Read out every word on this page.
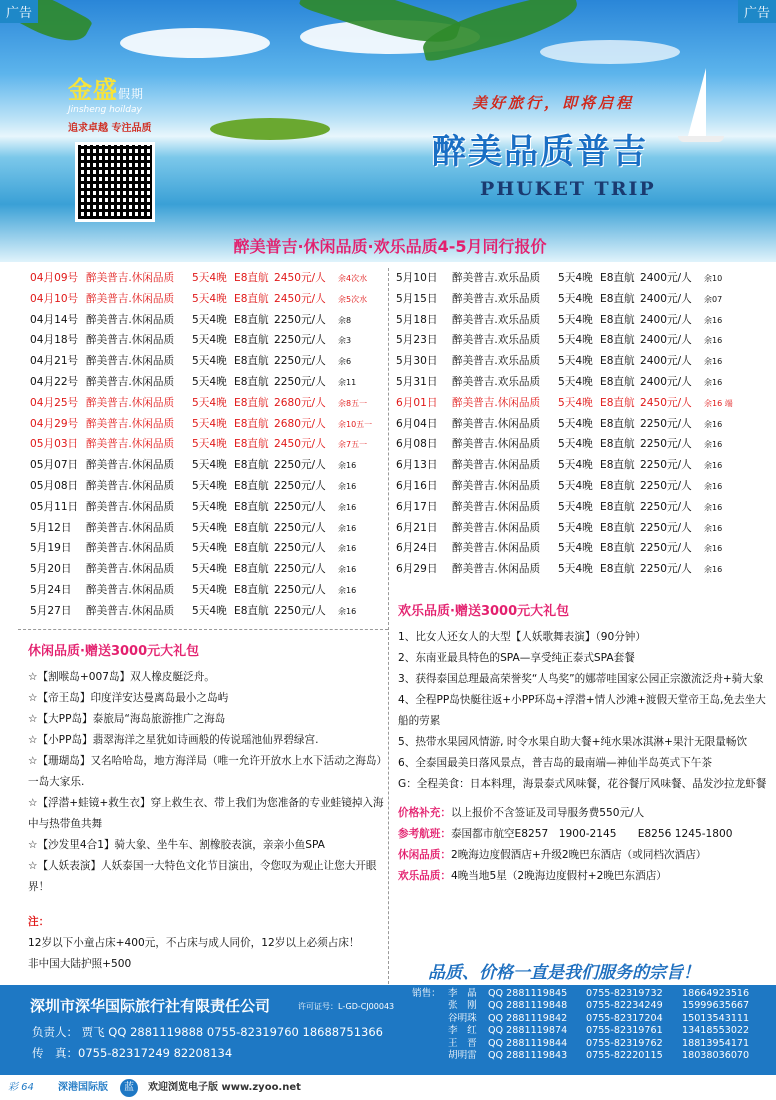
金盛假期
Jinsheng hoilday
追求卓越 专注品质
美好旅行，即将启程
醉美品质普吉
PHUKET TRIP
醉美普吉·休闲品质·欢乐品质4-5月同行报价
广告	广告
04月09号 醉美普吉.休闲品质 5天4晚 E8直航 2450元/人 余4次水
04月10号 醉美普吉.休闲品质 5天4晚 E8直航 2450元/人 余5次水
04月14号 醉美普吉.休闲品质 5天4晚 E8直航 2250元/人 余8
04月18号 醉美普吉.休闲品质 5天4晚 E8直航 2250元/人 余3
04月21号 醉美普吉.休闲品质 5天4晚 E8直航 2250元/人 余6
04月22号 醉美普吉.休闲品质 5天4晚 E8直航 2250元/人 余11
04月25号 醉美普吉.休闲品质 5天4晚 E8直航 2680元/人 余8五一
04月29号 醉美普吉.休闲品质 5天4晚 E8直航 2680元/人 余10五一
05月03日 醉美普吉.休闲品质 5天4晚 E8直航 2450元/人 余7五一
05月07日 醉美普吉.休闲品质 5天4晚 E8直航 2250元/人 余16
05月08日 醉美普吉.休闲品质 5天4晚 E8直航 2250元/人 余16
05月11日 醉美普吉.休闲品质 5天4晚 E8直航 2250元/人 余16
5月12日 醉美普吉.休闲品质 5天4晚 E8直航 2250元/人 余16
5月19日 醉美普吉.休闲品质 5天4晚 E8直航 2250元/人 余16
5月20日 醉美普吉.休闲品质 5天4晚 E8直航 2250元/人 余16
5月24日 醉美普吉.休闲品质 5天4晚 E8直航 2250元/人 余16
5月27日 醉美普吉.休闲品质 5天4晚 E8直航 2250元/人 余16
5月10日 醉美普吉.欢乐品质 5天4晚 E8直航 2400元/人 余10
5月15日 醉美普吉.欢乐品质 5天4晚 E8直航 2400元/人 余07
5月18日 醉美普吉.欢乐品质 5天4晚 E8直航 2400元/人 余16
5月23日 醉美普吉.欢乐品质 5天4晚 E8直航 2400元/人 余16
5月30日 醉美普吉.欢乐品质 5天4晚 E8直航 2400元/人 余16
5月31日 醉美普吉.欢乐品质 5天4晚 E8直航 2400元/人 余16
6月01日 醉美普吉.休闲品质 5天4晚 E8直航 2450元/人 余16 端
6月04日 醉美普吉.休闲品质 5天4晚 E8直航 2250元/人 余16
6月08日 醉美普吉.休闲品质 5天4晚 E8直航 2250元/人 余16
6月13日 醉美普吉.休闲品质 5天4晚 E8直航 2250元/人 余16
6月16日 醉美普吉.休闲品质 5天4晚 E8直航 2250元/人 余16
6月17日 醉美普吉.休闲品质 5天4晚 E8直航 2250元/人 余16
6月21日 醉美普吉.休闲品质 5天4晚 E8直航 2250元/人 余16
6月24日 醉美普吉.休闲品质 5天4晚 E8直航 2250元/人 余16
6月29日 醉美普吉.休闲品质 5天4晚 E8直航 2250元/人 余16
休闲品质·赠送3000元大礼包
☆【割喉岛+007岛】双人橡皮艇泛舟。
☆【帝王岛】印度洋安达曼离岛最小之岛屿
☆【大PP岛】泰旅局“海岛旅游推广之海岛
☆【小PP岛】翡翠海洋之星犹如诗画般的传说瑶池仙界碧绿宫.
☆【珊瑚岛】又名哈哈岛，地方海洋局（唯一允许开放水上水下活动之海岛）一岛大家乐.
☆【浮潜+蛙镜+救生衣】穿上救生衣、带上我们为您准备的专业蛙镜掉入海中与热带鱼共舞
☆【沙发里4合1】骑大象、坐牛车、割橡胶表演，亲亲小鱼SPA
☆【人妖表演】人妖泰国一大特色文化节目演出，令您叹为观止让您大开眼界！
注：
12岁以下小童占床+400元，不占床与成人同价，12岁以上必须占床！
非中国大陆护照+500
欢乐品质·赠送3000元大礼包
1、比女人还女人的大型【人妖歌舞表演】（90分钟）
2、东南亚最具特色的SPA—享受纯正泰式SPA套餐
3、获得泰国总理最高荣誉奖“人鸟奖”的娜蒂哇国家公园正宗激流泛舟+骑大象
4、全程PP岛快艇往返+小PP环岛+浮潜+情人沙滩+渡假天堂帝王岛,免去坐大船的劳累
5、热带水果园风情游, 时令水果自助大餐+纯水果冰淇淋+果汁无限量畅饮
6、全泰国最美日落风景点，普吉岛的最南端—神仙半岛英式下午茶
G：全程美食：日本料理，海景泰式风味餐，花谷餐厅风味餐、晶发沙拉龙虾餐
价格补充：以上报价不含签证及司导服务费550元/人
参考航班：泰国都市航空E8257　1900-2145　　E8256 1245-1800
休闲品质：2晚海边度假酒店+升级2晚巴东酒店（或同档次酒店）
欢乐品质：4晚当地5星（2晚海边度假村+2晚巴东酒店）
品质、价格一直是我们服务的宗旨！
深圳市深华国际旅行社有限责任公司	许可证号：L-GD-CJ00043
负责人： 贾飞 QQ 2881119888 0755-82319760 18688751366
传　真：0755-82317249 82208134
销售： 李　晶 QQ 2881119845 0755-82319732 18664923516
张　刚 QQ 2881119848 0755-82234249 15999635667
谷明珠 QQ 2881119842 0755-82317204 15013543111
李　红 QQ 2881119874 0755-82319761 13418553022
王　晋 QQ 2881119844 0755-82319762 18813954171
胡明雷 QQ 2881119843 0755-82220115 18038036070
彩 64 深港国际版	蓝	欢迎浏览电子版 www.zyoo.net
